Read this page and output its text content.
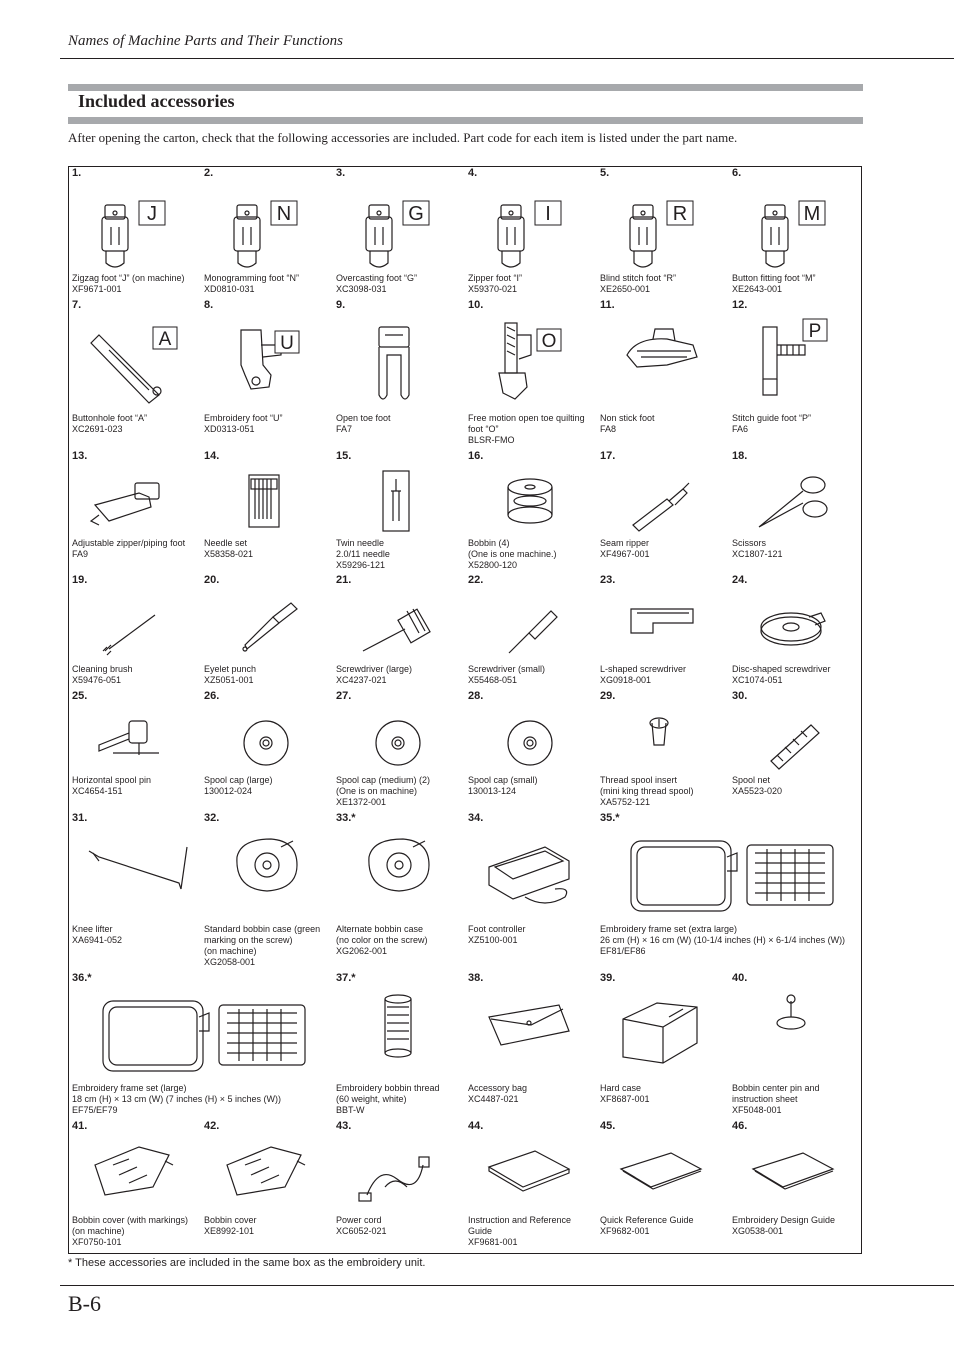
Names of Machine Parts and Their Functions
Included accessories
After opening the carton, check that the following accessories are included. Part code for each item is listed under the part name.
1.
J
Zigzag foot “J” (on machine)
XF9671-001
2.
N
Monogramming foot “N”
XD0810-031
3.
G
Overcasting foot “G”
XC3098-031
4.
I
Zipper foot “I”
X59370-021
5.
R
Blind stitch foot “R”
XE2650-001
6.
M
Button fitting foot “M”
XE2643-001
7.
A
Buttonhole foot “A”
XC2691-023
8.
U
Embroidery foot “U”
XD0313-051
9.
Open toe foot
FA7
10.
O
Free motion open toe quilting foot “O”
BLSR-FMO
11.
Non stick foot
FA8
12.
P
Stitch guide foot “P”
FA6
13.
Adjustable zipper/piping foot
FA9
14.
Needle set
X58358-021
15.
Twin needle
2.0/11 needle
X59296-121
16.
Bobbin (4)
(One is one machine.)
X52800-120
17.
Seam ripper
XF4967-001
18.
Scissors
XC1807-121
19.
Cleaning brush
X59476-051
20.
Eyelet punch
XZ5051-001
21.
Screwdriver (large)
XC4237-021
22.
Screwdriver (small)
X55468-051
23.
L-shaped screwdriver
XG0918-001
24.
Disc-shaped screwdriver
XC1074-051
25.
Horizontal spool pin
XC4654-151
26.
Spool cap (large)
130012-024
27.
Spool cap (medium) (2)
(One is on machine)
XE1372-001
28.
Spool cap (small)
130013-124
29.
Thread spool insert
(mini king thread spool)
XA5752-121
30.
Spool net
XA5523-020
31.
Knee lifter
XA6941-052
32.
Standard bobbin case (green marking on the screw)
(on machine)
XG2058-001
33.*
Alternate bobbin case
(no color on the screw)
XG2062-001
34.
Foot controller
XZ5100-001
35.*
Embroidery frame set (extra large)
26 cm (H) × 16 cm (W) (10-1/4 inches (H) × 6-1/4 inches (W))
EF81/EF86
36.*
Embroidery frame set (large)
18 cm (H) × 13 cm (W) (7 inches (H) × 5 inches (W))
EF75/EF79
37.*
Embroidery bobbin thread
(60 weight, white)
BBT-W
38.
Accessory bag
XC4487-021
39.
Hard case
XF8687-001
40.
Bobbin center pin and instruction sheet
XF5048-001
41.
Bobbin cover (with markings)
(on machine)
XF0750-101
42.
Bobbin cover
XE8992-101
43.
Power cord
XC6052-021
44.
Instruction and Reference Guide
XF9681-001
45.
Quick Reference Guide
XF9682-001
46.
Embroidery Design Guide
XG0538-001
* These accessories are included in the same box as the embroidery unit.
B-6
